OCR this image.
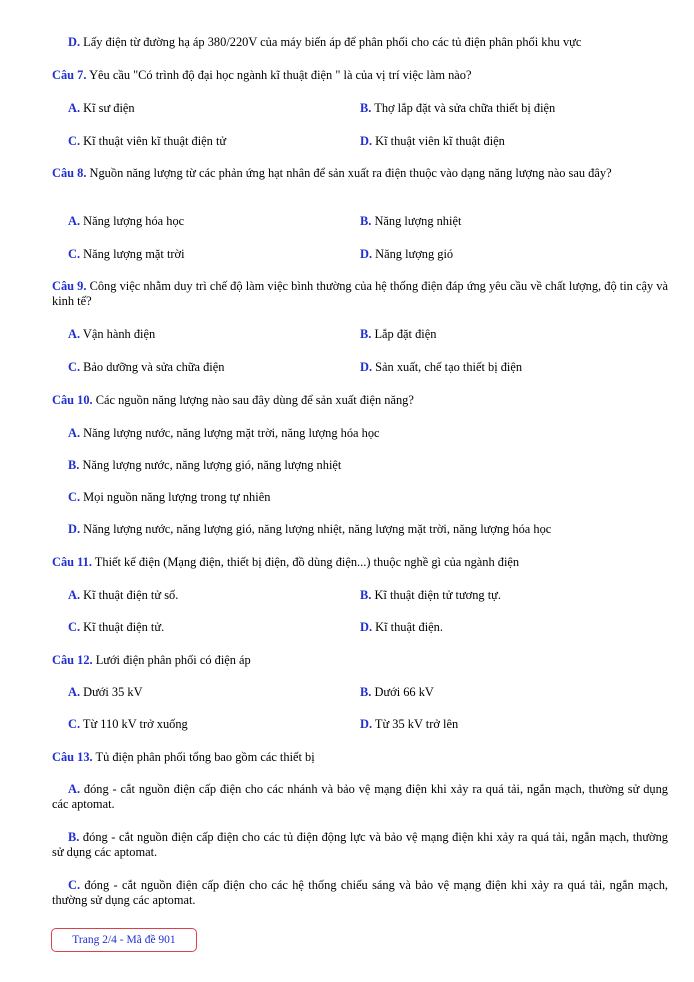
D. Lấy điện từ đường hạ áp 380/220V của máy biến áp để phân phối cho các tủ điện phân phối khu vực
Câu 7. Yêu cầu "Có trình độ đại học ngành kĩ thuật điện " là của vị trí việc làm nào?
A. Kĩ sư điện	B. Thợ lắp đặt và sửa chữa thiết bị điện
C. Kĩ thuật viên kĩ thuật điện tử	D. Kĩ thuật viên kĩ thuật điện
Câu 8. Nguồn năng lượng từ các phản ứng hạt nhân để sản xuất ra điện thuộc vào dạng năng lượng nào sau đây?
A. Năng lượng hóa học	B. Năng lượng nhiệt
C. Năng lượng mặt trời	D. Năng lượng gió
Câu 9. Công việc nhằm duy trì chế độ làm việc bình thường của hệ thống điện đáp ứng yêu cầu về chất lượng, độ tin cậy và kinh tế?
A. Vận hành điện	B. Lắp đặt điện
C. Bảo dưỡng và sửa chữa điện	D. Sản xuất, chế tạo thiết bị điện
Câu 10. Các nguồn năng lượng nào sau đây dùng để sản xuất điện năng?
A. Năng lượng nước, năng lượng mặt trời, năng lượng hóa học
B. Năng lượng nước, năng lượng gió, năng lượng nhiệt
C. Mọi nguồn năng lượng trong tự nhiên
D. Năng lượng nước, năng lượng gió, năng lượng nhiệt, năng lượng mặt trời, năng lượng hóa học
Câu 11. Thiết kế điện (Mạng điện, thiết bị điện, đồ dùng điện...) thuộc nghề gì của ngành điện
A. Kĩ thuật điện tử số.	B. Kĩ thuật điện tử tương tự.
C. Kĩ thuật điện tử.	D. Kĩ thuật điện.
Câu 12. Lưới điện phân phối có điện áp
A. Dưới 35 kV	B. Dưới 66 kV
C. Từ 110 kV trở xuống	D. Từ 35 kV trở lên
Câu 13. Tủ điện phân phối tổng bao gồm các thiết bị
A. đóng - cắt nguồn điện cấp điện cho các nhánh và bảo vệ mạng điện khi xảy ra quá tải, ngắn mạch, thường sử dụng các aptomat.
B. đóng - cắt nguồn điện cấp điện cho các tủ điện động lực và bảo vệ mạng điện khi xảy ra quá tải, ngắn mạch, thường sử dụng các aptomat.
C. đóng - cắt nguồn điện cấp điện cho các hệ thống chiếu sáng và bảo vệ mạng điện khi xảy ra quá tải, ngắn mạch, thường sử dụng các aptomat.
Trang 2/4 - Mã đề 901
